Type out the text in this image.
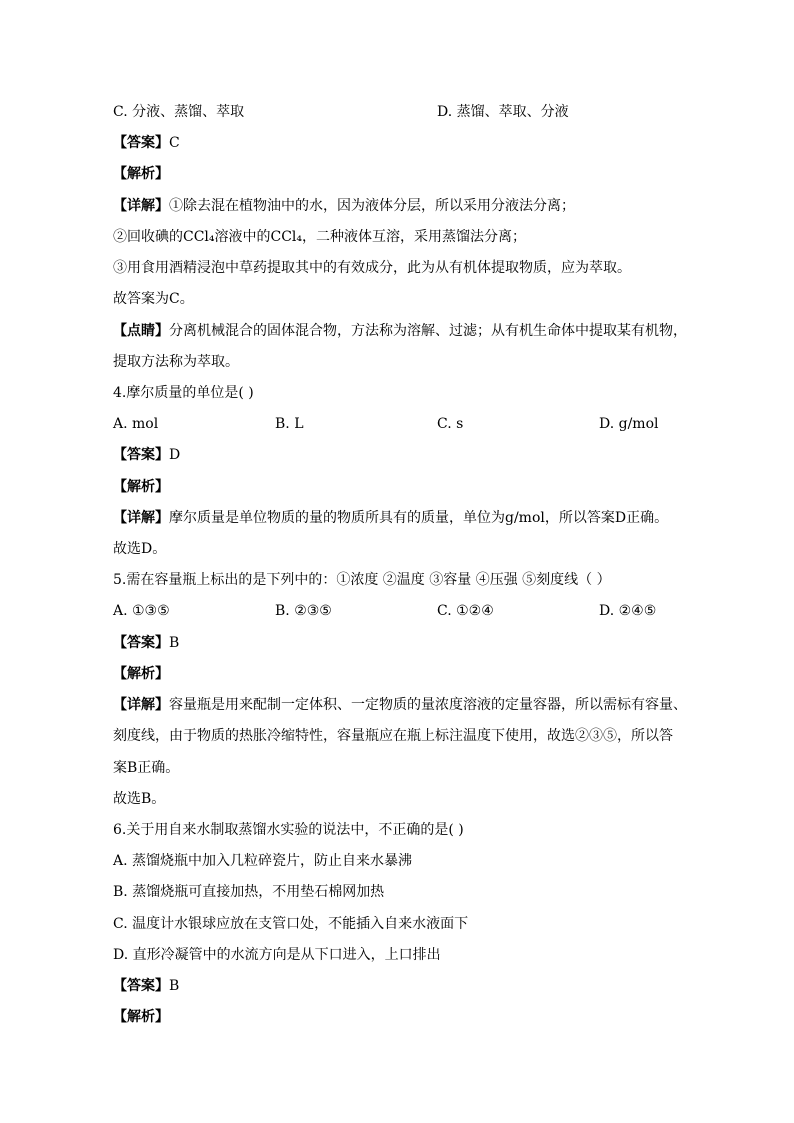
C. 分液、蒸馏、萃取	D. 蒸馏、萃取、分液
【答案】C
【解析】
【详解】①除去混在植物油中的水，因为液体分层，所以采用分液法分离；
②回收碘的CCl₄溶液中的CCl₄，二种液体互溶，采用蒸馏法分离；
③用食用酒精浸泡中草药提取其中的有效成分，此为从有机体提取物质，应为萃取。
故答案为C。
【点睛】分离机械混合的固体混合物，方法称为溶解、过滤；从有机生命体中提取某有机物，
提取方法称为萃取。
4.摩尔质量的单位是( )
A. mol	B. L	C. s	D. g/mol
【答案】D
【解析】
【详解】摩尔质量是单位物质的量的物质所具有的质量，单位为g/mol，所以答案D正确。
故选D。
5.需在容量瓶上标出的是下列中的：①浓度 ②温度 ③容量 ④压强 ⑤刻度线（ ）
A. ①③⑤	B. ②③⑤	C. ①②④	D. ②④⑤
【答案】B
【解析】
【详解】容量瓶是用来配制一定体积、一定物质的量浓度溶液的定量容器，所以需标有容量、
刻度线，由于物质的热胀冷缩特性，容量瓶应在瓶上标注温度下使用，故选②③⑤，所以答
案B正确。
故选B。
6.关于用自来水制取蒸馏水实验的说法中，不正确的是( )
A. 蒸馏烧瓶中加入几粒碎瓷片，防止自来水暴沸
B. 蒸馏烧瓶可直接加热，不用垫石棉网加热
C. 温度计水银球应放在支管口处，不能插入自来水液面下
D. 直形冷凝管中的水流方向是从下口进入，上口排出
【答案】B
【解析】
